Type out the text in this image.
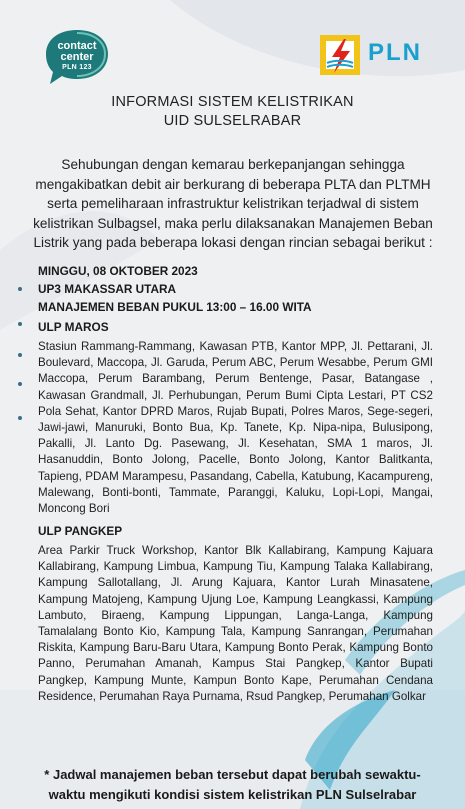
contact
center
PLN 123
PLN
INFORMASI SISTEM KELISTRIKAN
UID SULSELRABAR
Sehubungan dengan kemarau berkepanjangan sehingga mengakibatkan debit air berkurang di beberapa PLTA dan PLTMH serta pemeliharaan infrastruktur kelistrikan terjadwal di sistem kelistrikan Sulbagsel, maka perlu dilaksanakan Manajemen Beban Listrik yang pada beberapa lokasi dengan rincian sebagai berikut :
MINGGU, 08 OKTOBER 2023
UP3 MAKASSAR UTARA
MANAJEMEN BEBAN PUKUL 13:00 – 16.00 WITA
ULP MAROS
Stasiun Rammang-Rammang, Kawasan PTB, Kantor MPP, Jl. Pettarani, Jl. Boulevard, Maccopa, Jl. Garuda, Perum ABC, Perum Wesabbe, Perum GMI Maccopa, Perum Barambang, Perum Bentenge, Pasar, Batangase , Kawasan Grandmall, Jl. Perhubungan, Perum Bumi Cipta Lestari, PT CS2 Pola Sehat, Kantor DPRD Maros, Rujab Bupati, Polres Maros, Sege-segeri, Jawi-jawi, Manuruki, Bonto Bua, Kp. Tanete, Kp. Nipa-nipa, Bulusipong, Pakalli, Jl. Lanto Dg. Pasewang, Jl. Kesehatan, SMA 1 maros, Jl. Hasanuddin, Bonto Jolong, Pacelle, Bonto Jolong, Kantor Balitkanta, Tapieng, PDAM Marampesu, Pasandang, Cabella, Katubung, Kacampureng, Malewang, Bonti-bonti, Tammate, Paranggi, Kaluku, Lopi-Lopi, Mangai, Moncong Bori
ULP PANGKEP
Area Parkir Truck Workshop, Kantor Blk Kallabirang, Kampung Kajuara Kallabirang, Kampung Limbua, Kampung Tiu, Kampung Talaka Kallabirang, Kampung Sallotallang, Jl. Arung Kajuara, Kantor Lurah Minasatene, Kampung Matojeng, Kampung Ujung Loe, Kampung Leangkassi, Kampung Lambuto, Biraeng, Kampung Lippungan, Langa-Langa, Kampung Tamalalang Bonto Kio, Kampung Tala, Kampung Sanrangan, Perumahan Riskita, Kampung Baru-Baru Utara, Kampung Bonto Perak, Kampung Bonto Panno, Perumahan Amanah, Kampus Stai Pangkep, Kantor Bupati Pangkep, Kampung Munte, Kampun Bonto Kape, Perumahan Cendana Residence, Perumahan Raya Purnama, Rsud Pangkep, Perumahan Golkar
* Jadwal manajemen beban tersebut dapat berubah sewaktu-
waktu mengikuti kondisi sistem kelistrikan PLN Sulselrabar
